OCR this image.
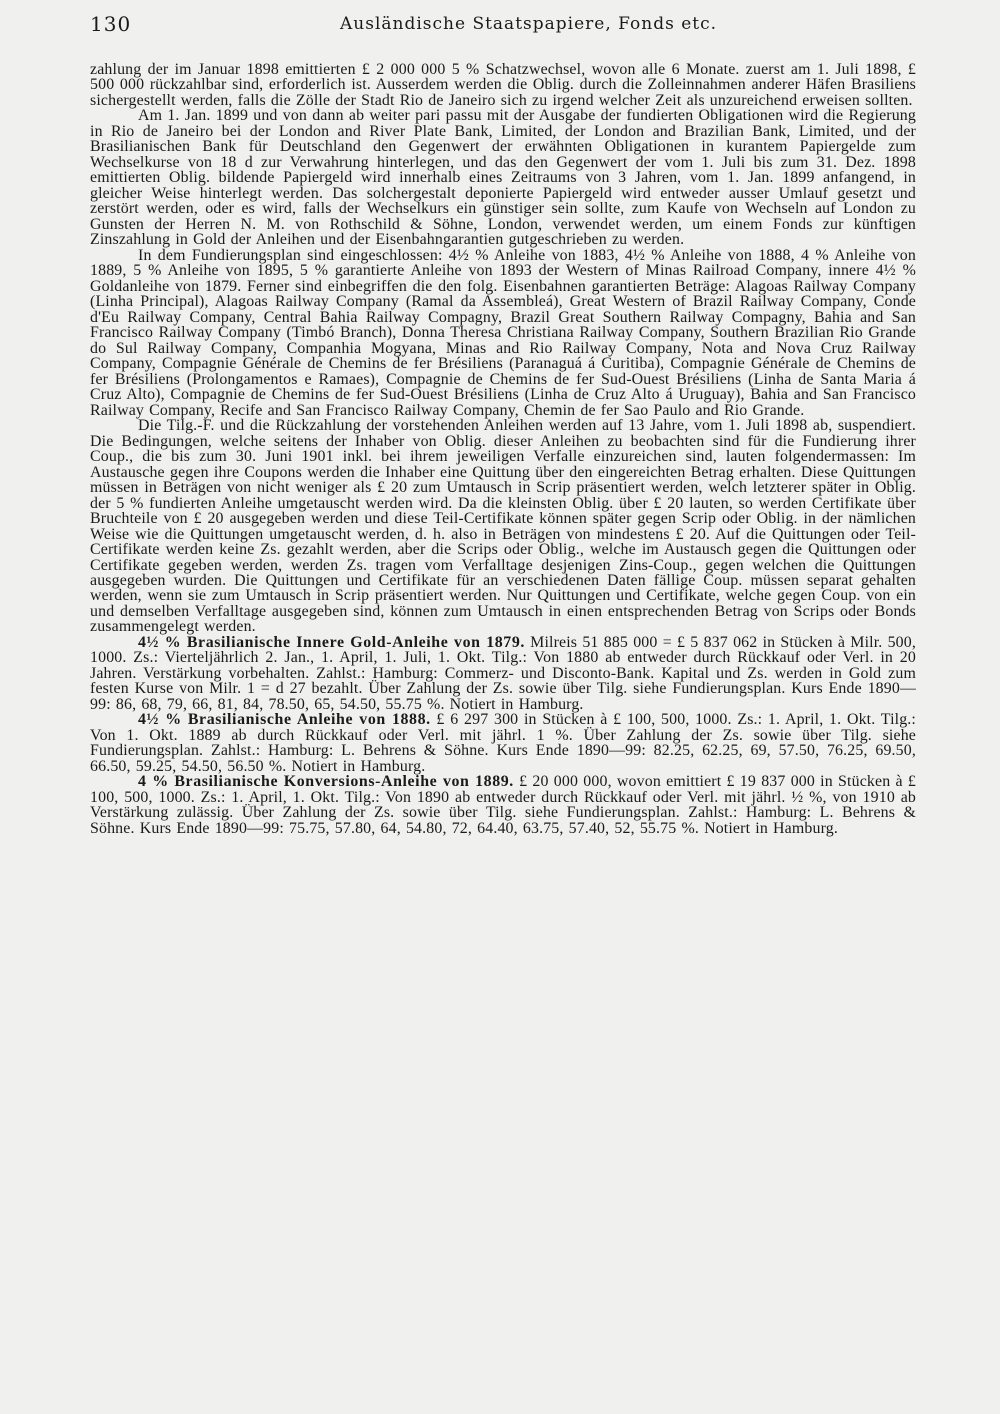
130	Ausländische Staatspapiere, Fonds etc.

zahlung der im Januar 1898 emittierten £ 2 000 000 5 % Schatzwechsel, wovon alle 6 Monate. zuerst am 1. Juli 1898, £ 500 000 rückzahlbar sind, erforderlich ist. Ausserdem werden die Oblig. durch die Zolleinnahmen anderer Häfen Brasiliens sichergestellt werden, falls die Zölle der Stadt Rio de Janeiro sich zu irgend welcher Zeit als unzureichend erweisen sollten.

Am 1. Jan. 1899 und von dann ab weiter pari passu mit der Ausgabe der fundierten Obligationen wird die Regierung in Rio de Janeiro bei der London and River Plate Bank, Limited, der London and Brazilian Bank, Limited, und der Brasilianischen Bank für Deutschland den Gegenwert der erwähnten Obligationen in kurantem Papiergelde zum Wechselkurse von 18 d zur Verwahrung hinterlegen, und das den Gegenwert der vom 1. Juli bis zum 31. Dez. 1898 emittierten Oblig. bildende Papiergeld wird innerhalb eines Zeitraums von 3 Jahren, vom 1. Jan. 1899 anfangend, in gleicher Weise hinterlegt werden. Das solchergestalt deponierte Papiergeld wird entweder ausser Umlauf gesetzt und zerstört werden, oder es wird, falls der Wechselkurs ein günstiger sein sollte, zum Kaufe von Wechseln auf London zu Gunsten der Herren N. M. von Rothschild & Söhne, London, verwendet werden, um einem Fonds zur künftigen Zinszahlung in Gold der Anleihen und der Eisenbahngarantien gutgeschrieben zu werden.

In dem Fundierungsplan sind eingeschlossen: 4½ % Anleihe von 1883, 4½ % Anleihe von 1888, 4 % Anleihe von 1889, 5 % Anleihe von 1895, 5 % garantierte Anleihe von 1893 der Western of Minas Railroad Company, innere 4½ % Goldanleihe von 1879. Ferner sind einbegriffen die den folg. Eisenbahnen garantierten Beträge: Alagoas Railway Company (Linha Principal), Alagoas Railway Company (Ramal da Assembleá), Great Western of Brazil Railway Company, Conde d'Eu Railway Company, Central Bahia Railway Compagny, Brazil Great Southern Railway Compagny, Bahia and San Francisco Railway Company (Timbó Branch), Donna Theresa Christiana Railway Company, Southern Brazilian Rio Grande do Sul Railway Company, Companhia Mogyana, Minas and Rio Railway Company, Nota and Nova Cruz Railway Company, Compagnie Générale de Chemins de fer Brésiliens (Paranaguá á Curitiba), Compagnie Générale de Chemins de fer Brésiliens (Prolongamentos e Ramaes), Compagnie de Chemins de fer Sud-Ouest Brésiliens (Linha de Santa Maria á Cruz Alto), Compagnie de Chemins de fer Sud-Ouest Brésiliens (Linha de Cruz Alto á Uruguay), Bahia and San Francisco Railway Company, Recife and San Francisco Railway Company, Chemin de fer Sao Paulo and Rio Grande.

Die Tilg.-F. und die Rückzahlung der vorstehenden Anleihen werden auf 13 Jahre, vom 1. Juli 1898 ab, suspendiert. Die Bedingungen, welche seitens der Inhaber von Oblig. dieser Anleihen zu beobachten sind für die Fundierung ihrer Coup., die bis zum 30. Juni 1901 inkl. bei ihrem jeweiligen Verfalle einzureichen sind, lauten folgendermassen: Im Austausche gegen ihre Coupons werden die Inhaber eine Quittung über den eingereichten Betrag erhalten. Diese Quittungen müssen in Beträgen von nicht weniger als £ 20 zum Umtausch in Scrip präsentiert werden, welch letzterer später in Oblig. der 5 % fundierten Anleihe umgetauscht werden wird. Da die kleinsten Oblig. über £ 20 lauten, so werden Certifikate über Bruchteile von £ 20 ausgegeben werden und diese Teil-Certifikate können später gegen Scrip oder Oblig. in der nämlichen Weise wie die Quittungen umgetauscht werden, d. h. also in Beträgen von mindestens £ 20. Auf die Quittungen oder Teil-Certifikate werden keine Zs. gezahlt werden, aber die Scrips oder Oblig., welche im Austausch gegen die Quittungen oder Certifikate gegeben werden, werden Zs. tragen vom Verfalltage desjenigen Zins-Coup., gegen welchen die Quittungen ausgegeben wurden. Die Quittungen und Certifikate für an verschiedenen Daten fällige Coup. müssen separat gehalten werden, wenn sie zum Umtausch in Scrip präsentiert werden. Nur Quittungen und Certifikate, welche gegen Coup. von ein und demselben Verfalltage ausgegeben sind, können zum Umtausch in einen entsprechenden Betrag von Scrips oder Bonds zusammengelegt werden.

4½ % Brasilianische Innere Gold-Anleihe von 1879. Milreis 51 885 000 = £ 5 837 062 in Stücken à Milr. 500, 1000. Zs.: Vierteljährlich 2. Jan., 1. April, 1. Juli, 1. Okt. Tilg.: Von 1880 ab entweder durch Rückkauf oder Verl. in 20 Jahren. Verstärkung vorbehalten. Zahlst.: Hamburg: Commerz- und Disconto-Bank. Kapital und Zs. werden in Gold zum festen Kurse von Milr. 1 = d 27 bezahlt. Über Zahlung der Zs. sowie über Tilg. siehe Fundierungsplan. Kurs Ende 1890—99: 86, 68, 79, 66, 81, 84, 78.50, 65, 54.50, 55.75 %. Notiert in Hamburg.

4½ % Brasilianische Anleihe von 1888. £ 6 297 300 in Stücken à £ 100, 500, 1000. Zs.: 1. April, 1. Okt. Tilg.: Von 1. Okt. 1889 ab durch Rückkauf oder Verl. mit jährl. 1 %. Über Zahlung der Zs. sowie über Tilg. siehe Fundierungsplan. Zahlst.: Hamburg: L. Behrens & Söhne. Kurs Ende 1890—99: 82.25, 62.25, 69, 57.50, 76.25, 69.50, 66.50, 59.25, 54.50, 56.50 %. Notiert in Hamburg.

4 % Brasilianische Konversions-Anleihe von 1889. £ 20 000 000, wovon emittiert £ 19 837 000 in Stücken à £ 100, 500, 1000. Zs.: 1. April, 1. Okt. Tilg.: Von 1890 ab entweder durch Rückkauf oder Verl. mit jährl. ½ %, von 1910 ab Verstärkung zulässig. Über Zahlung der Zs. sowie über Tilg. siehe Fundierungsplan. Zahlst.: Hamburg: L. Behrens & Söhne. Kurs Ende 1890—99: 75.75, 57.80, 64, 54.80, 72, 64.40, 63.75, 57.40, 52, 55.75 %. Notiert in Hamburg.
